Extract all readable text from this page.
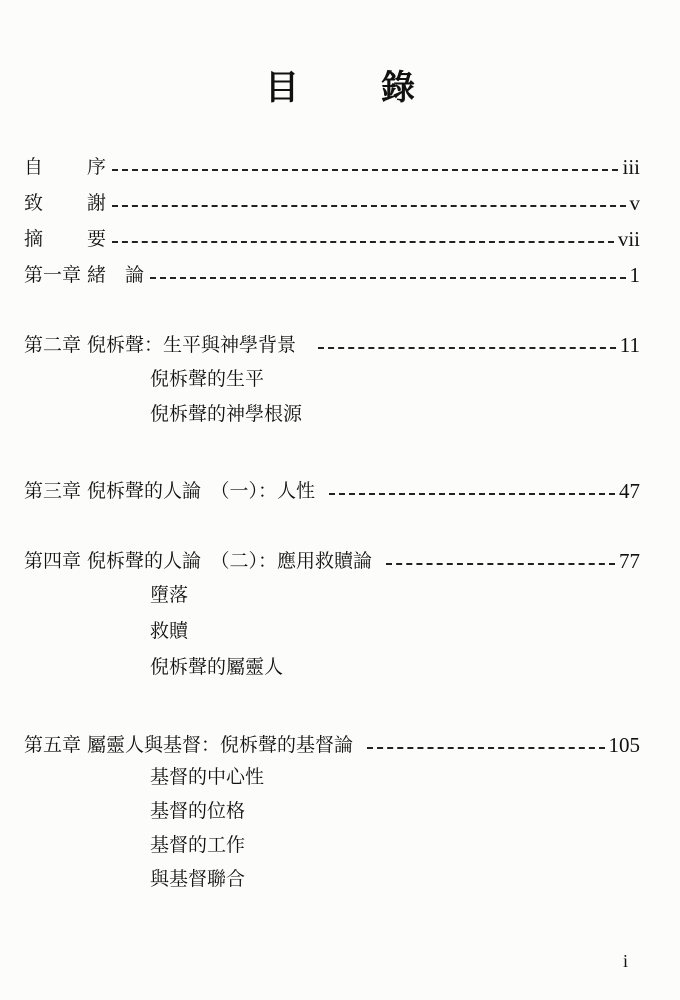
目　錄
自 序	iii
致 謝	v
摘 要	vii
第一章 緒　論	1
第二章 倪柝聲：生平與神學背景	11
倪柝聲的生平
倪柝聲的神學根源
第三章 倪柝聲的人論　（一）：人性	47
第四章 倪柝聲的人論　（二）：應用救贖論	77
墮落
救贖
倪柝聲的屬靈人
第五章 屬靈人與基督：倪柝聲的基督論	105
基督的中心性
基督的位格
基督的工作
與基督聯合
i
